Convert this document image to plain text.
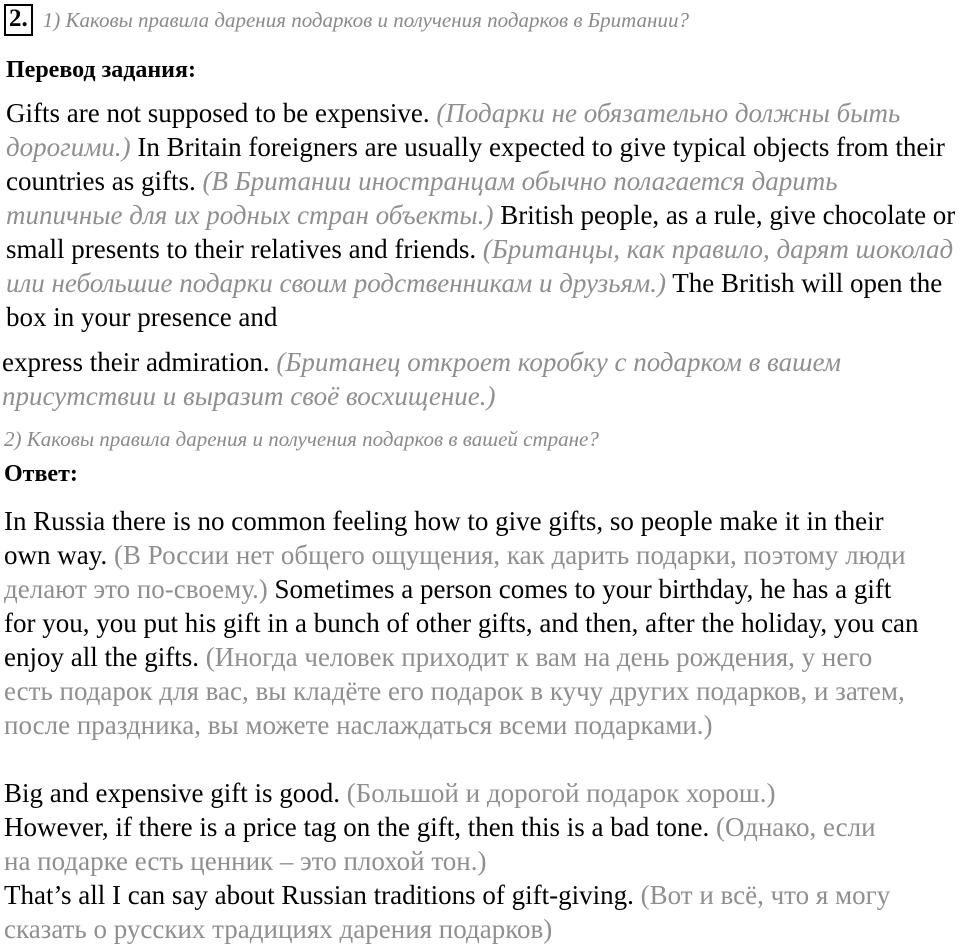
2. 1) Каковы правила дарения подарков и получения подарков в Британии?
Перевод задания:
Gifts are not supposed to be expensive. (Подарки не обязательно должны быть дорогими.) In Britain foreigners are usually expected to give typical objects from their countries as gifts. (В Британии иностранцам обычно полагается дарить типичные для их родных стран объекты.) British people, as a rule, give chocolate or small presents to their relatives and friends. (Британцы, как правило, дарят шоколад или небольшие подарки своим родственникам и друзьям.) The British will open the box in your presence and
express their admiration. (Британец откроет коробку с подарком в вашем присутствии и выразит своё восхищение.)
2) Каковы правила дарения и получения подарков в вашей стране?
Ответ:
In Russia there is no common feeling how to give gifts, so people make it in their own way. (В России нет общего ощущения, как дарить подарки, поэтому люди делают это по-своему.) Sometimes a person comes to your birthday, he has a gift for you, you put his gift in a bunch of other gifts, and then, after the holiday, you can enjoy all the gifts. (Иногда человек приходит к вам на день рождения, у него есть подарок для вас, вы кладёте его подарок в кучу других подарков, и затем, после праздника, вы можете наслаждаться всеми подарками.)
Big and expensive gift is good. (Большой и дорогой подарок хорош.)
However, if there is a price tag on the gift, then this is a bad tone. (Однако, если на подарке есть ценник – это плохой тон.)
That’s all I can say about Russian traditions of gift-giving. (Вот и всё, что я могу сказать о русских традициях дарения подарков)
